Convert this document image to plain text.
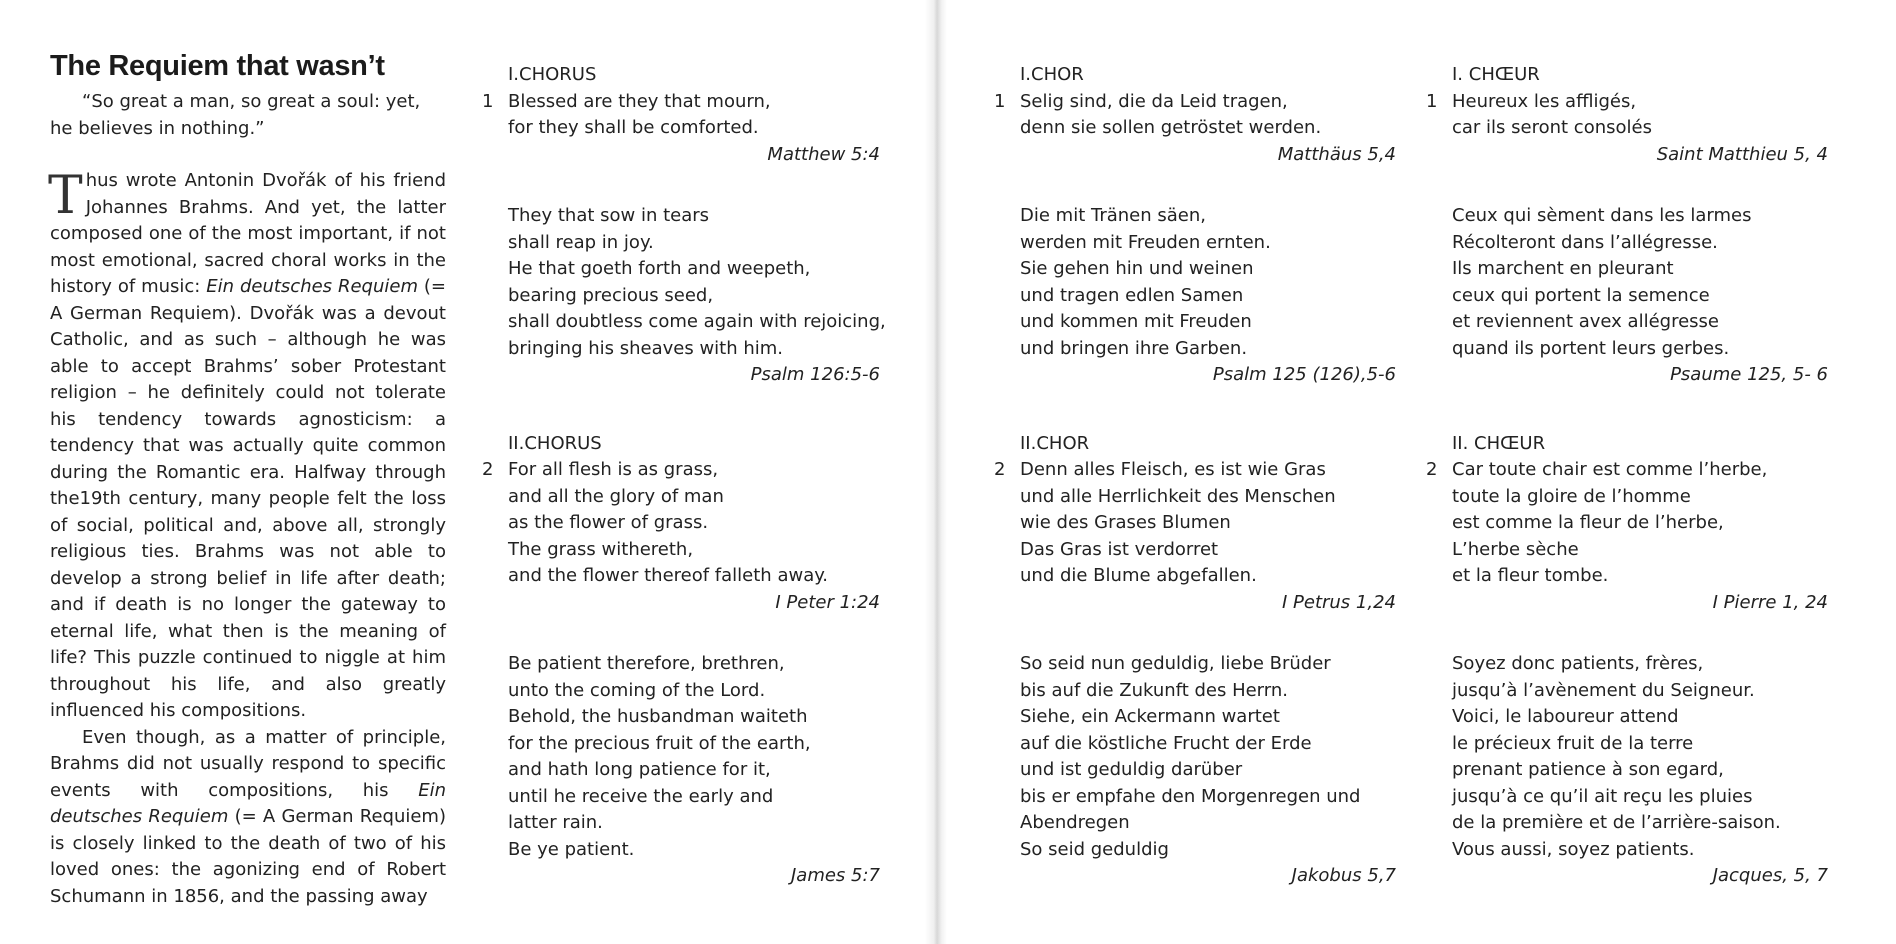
The Requiem that wasn’t

“So great a man, so great a soul: yet, he believes in nothing.”

Thus wrote Antonin Dvořák of his friend Johannes Brahms. And yet, the latter composed one of the most important, if not most emotional, sacred choral works in the history of music: Ein deutsches Requiem (= A German Requiem). Dvořák was a devout Catholic, and as such – although he was able to accept Brahms’ sober Protestant religion – he definitely could not tolerate his tendency towards agnosticism: a tendency that was actually quite common during the Romantic era. Halfway through the19th century, many people felt the loss of social, political and, above all, strongly religious ties. Brahms was not able to develop a strong belief in life after death; and if death is no longer the gateway to eternal life, what then is the meaning of life? This puzzle continued to niggle at him throughout his life, and also greatly influenced his compositions.

Even though, as a matter of principle, Brahms did not usually respond to specific events with compositions, his Ein deutsches Requiem (= A German Requiem) is closely linked to the death of two of his loved ones: the agonizing end of Robert Schumann in 1856, and the passing away

I.CHORUS
1 Blessed are they that mourn,
for they shall be comforted.
Matthew 5:4
They that sow in tears
shall reap in joy.
He that goeth forth and weepeth,
bearing precious seed,
shall doubtless come again with rejoicing,
bringing his sheaves with him.
Psalm 126:5-6
II.CHORUS
2 For all flesh is as grass,
and all the glory of man
as the flower of grass.
The grass withereth,
and the flower thereof falleth away.
I Peter 1:24
Be patient therefore, brethren,
unto the coming of the Lord.
Behold, the husbandman waiteth
for the precious fruit of the earth,
and hath long patience for it,
until he receive the early and
latter rain.
Be ye patient.
James 5:7
I.CHOR
1 Selig sind, die da Leid tragen,
denn sie sollen getröstet werden.
Matthäus 5,4
Die mit Tränen säen,
werden mit Freuden ernten.
Sie gehen hin und weinen
und tragen edlen Samen
und kommen mit Freuden
und bringen ihre Garben.
Psalm 125 (126),5-6
II.CHOR
2 Denn alles Fleisch, es ist wie Gras
und alle Herrlichkeit des Menschen
wie des Grases Blumen
Das Gras ist verdorret
und die Blume abgefallen.
I Petrus 1,24
So seid nun geduldig, liebe Brüder
bis auf die Zukunft des Herrn.
Siehe, ein Ackermann wartet
auf die köstliche Frucht der Erde
und ist geduldig darüber
bis er empfahe den Morgenregen und
Abendregen
So seid geduldig
Jakobus 5,7
I. CHŒUR
1 Heureux les affligés,
car ils seront consolés
Saint Matthieu 5, 4
Ceux qui sèment dans les larmes
Récolteront dans l’allégresse.
Ils marchent en pleurant
ceux qui portent la semence
et reviennent avex allégresse
quand ils portent leurs gerbes.
Psaume 125, 5- 6
II. CHŒUR
2 Car toute chair est comme l’herbe,
toute la gloire de l’homme
est comme la fleur de l’herbe,
L’herbe sèche
et la fleur tombe.
I Pierre 1, 24
Soyez donc patients, frères,
jusqu’à l’avènement du Seigneur.
Voici, le laboureur attend
le précieux fruit de la terre
prenant patience à son egard,
jusqu’à ce qu’il ait reçu les pluies
de la première et de l’arrière-saison.
Vous aussi, soyez patients.
Jacques, 5, 7
